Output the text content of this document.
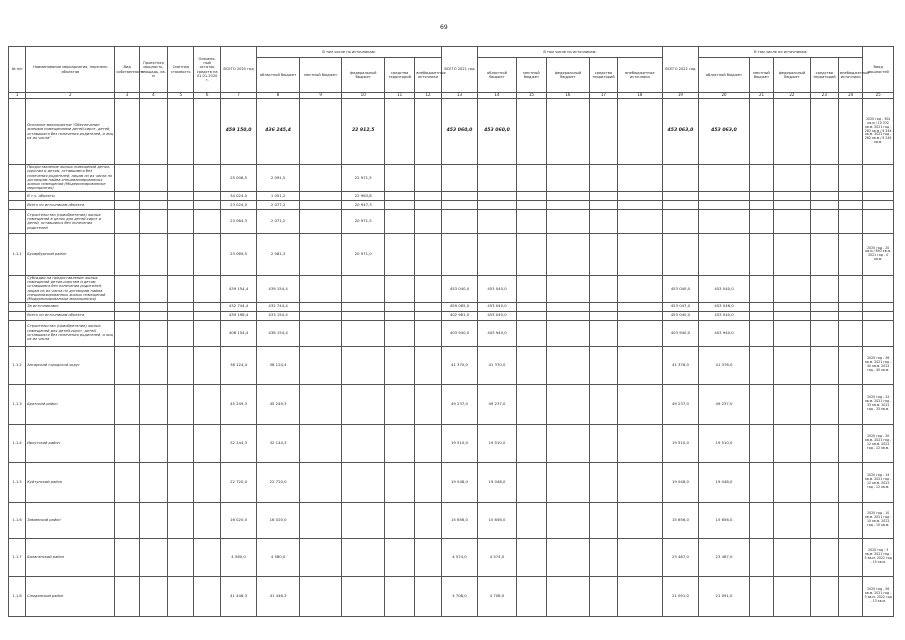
69
№ п/п	Наименование мероприятия, перечень объектов	Вид собственности	Проектная мощность, площадь, кв. м	Сметная стоимость	Освоено-ный остаток средств на 01.01.2020 г.	ВСЕГО 2020 год	В том числе по источникам:					ВСЕГО 2021 год	В том числе по источникам:					ВСЕГО 2022 год	В том числе по источникам:					Ввод мощностей
							областной бюджет	местный бюджет	федеральный бюджет	средства территорий	внебюджетные источники		областной бюджет	местный бюджет	федеральный бюджет	средства территорий	внебюджетные источники		областной бюджет	местный бюджет	федеральный бюджет	средства территорий	внебюджетные источники	
1	2	3	4	5	6	7	8	9	10	11	12	13	14	15	16	17	18	19	20	21	22	23	24	25
	Основное мероприятие "Обеспечение жилыми помещениями детей-сирот, детей, оставшихся без попечения родителей, и лиц из их числа"					459 150,0	436 245,4		22 912,5			453 060,0	453 060,0					453 063,0	453 063,0					2020 год - 304 кв.м / 10 532 кв.м. 2021 год - 282 кв.м / 9 249 кв.м. 2022 год - 282 кв.м / 9 249 кв.м.
	Предоставление жилых помещений детям-сиротам и детям, оставшимся без попечения родителей, лицам из их числа по договорам найма специализированных жилых помещений (Модернизированные мероприятия)					25 006,5	2 091,5		22 971,5															
	В т.ч. объекты					34 024,0	1 051,2		22 963,8															
	Всего по источникам объекта					23 024,5	2 077,2		20 947,3															
	Строительство (приобретение) жилых помещений в целях для детей-сирот и детей, оставшихся без попечения родителей					23 064,3	2 071,2		20 971,5															
1.1.1	Бухарбурский район					23 069,5	2 081,3		20 971,0															2020 год - 20 кв.м / 693 кв.м. 2021 год - 0 кв.м.
	Субсидии на предоставление жилых помещений детям-сиротам и детям, оставшимся без попечения родителей, лицам из их числа по договорам найма специализированных жилых помещений (Модернизированные мероприятия)					439 154,4	439 154,4					453 040,0	453 040,0					453 040,0	453 040,0					
	За источниками:					432 744,4	432 744,4					459 085,0	453 040,0					453 047,0	453 046,0					
	Всего по источникам объекта					439 198,4	433 154,4					402 981,0	453 040,0					453 040,0	453 040,0					
	Строительство (приобретение) жилых помещений для детей-сирот, детей, оставшихся без попечения родителей, и лиц из их числа					408 154,4	438 154,4					403 940,0	403 940,0					403 940,0	403 940,0					
1.1.2	Ангарский городской округ					38 124,4	38 124,4					41 370,0	41 370,0					41 376,0	41 376,0					2020 год - 36 кв.м. 2021 год - 40 кв.м. 2022 год - 40 кв.м.
1.1.3	Братский район					45 249,3	45 249,3					49 237,0	49 237,0					49 237,0	49 237,0					2020 год - 24 кв.м. 2021 год - 33 кв.м. 2022 год - 33 кв.м.
1.1.4	Иркутский район					32 144,3	32 144,3					19 510,0	19 510,0					19 510,0	19 510,0					2020 год - 20 кв.м. 2021 год - 12 кв.м. 2022 год - 12 кв.м.
1.1.5	Куйтунский район					22 720,0	22 720,0					19 048,0	19 048,0					19 048,0	19 048,0					2020 год - 14 кв.м. 2021 год - 12 кв.м. 2022 год - 12 кв.м.
1.1.6	Зиминский район					16 020,0	16 020,0					15 656,0	15 656,0					15 656,0	15 656,0					2020 год - 10 кв.м. 2021 год - 10 кв.м. 2022 год - 10 кв.м.
1.1.7	Балаганский район					4 580,0	4 580,0					4 574,0	4 574,0					23 487,0	23 487,0					2020 год - 3 кв.м. 2021 год - 3 кв.м. 2022 год - 15 кв.м.
1.1.8	Слюдянский район					41 446,3	41 446,3					4 708,0	4 708,0					21 091,0	21 091,0					2020 год - 26 кв.м. 2021 год - 3 кв.м. 2022 год - 13 кв.м.
